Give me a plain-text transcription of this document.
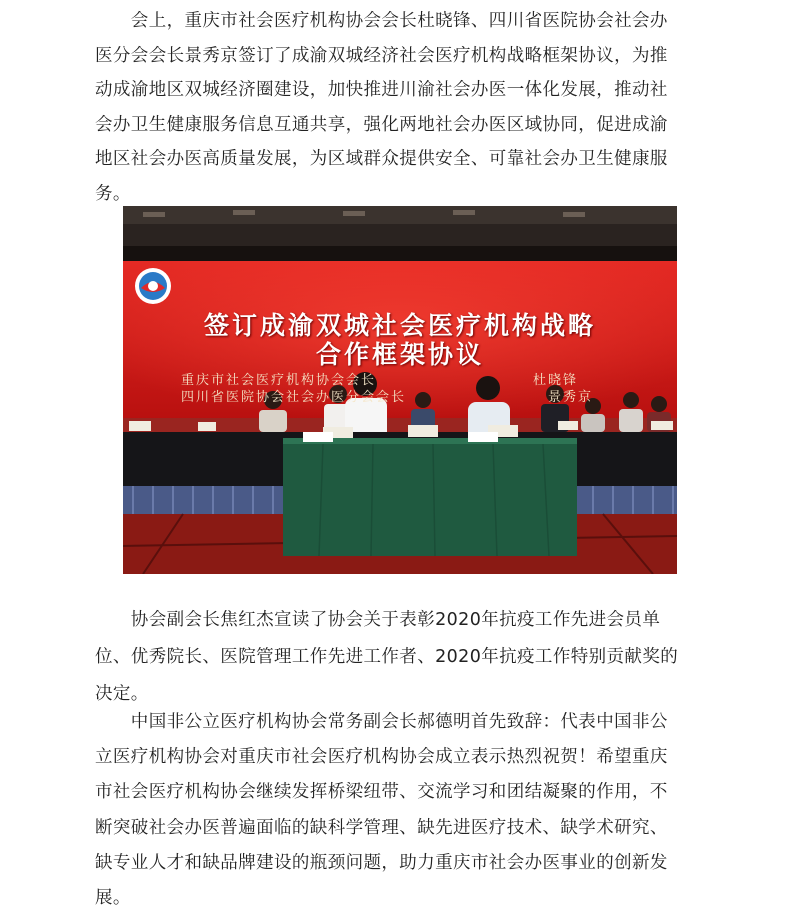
　　会上，重庆市社会医疗机构协会会长杜晓锋、四川省医院协会社会办
医分会会长景秀京签订了成渝双城经济社会医疗机构战略框架协议，为推
动成渝地区双城经济圈建设，加快推进川渝社会办医一体化发展，推动社
会办卫生健康服务信息互通共享，强化两地社会办医区域协同，促进成渝
地区社会办医高质量发展，为区域群众提供安全、可靠社会办卫生健康服
务。
签订成渝双城社会医疗机构战略
合作框架协议
重庆市社会医疗机构协会会长
四川省医院协会社会办医分会会长
杜晓锋
景秀京
　　协会副会长焦红杰宣读了协会关于表彰2020年抗疫工作先进会员单
位、优秀院长、医院管理工作先进工作者、2020年抗疫工作特别贡献奖的
决定。
　　中国非公立医疗机构协会常务副会长郝德明首先致辞：代表中国非公
立医疗机构协会对重庆市社会医疗机构协会成立表示热烈祝贺！希望重庆
市社会医疗机构协会继续发挥桥梁纽带、交流学习和团结凝聚的作用，不
断突破社会办医普遍面临的缺科学管理、缺先进医疗技术、缺学术研究、
缺专业人才和缺品牌建设的瓶颈问题，助力重庆市社会办医事业的创新发
展。
